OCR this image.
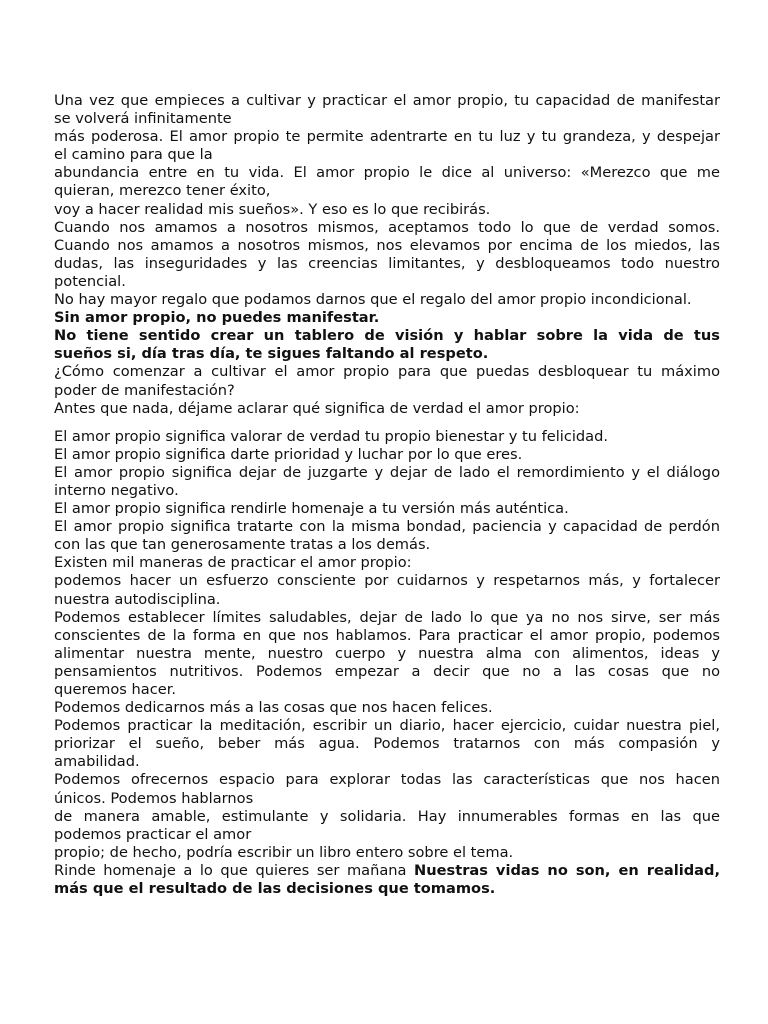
Una vez que empieces a cultivar y practicar el amor propio, tu capacidad de manifestar
se volverá infinitamente
más poderosa. El amor propio te permite adentrarte en tu luz y tu grandeza, y despejar
el camino para que la
abundancia entre en tu vida. El amor propio le dice al universo: «Merezco que me
quieran, merezco tener éxito,
voy a hacer realidad mis sueños». Y eso es lo que recibirás.
Cuando nos amamos a nosotros mismos, aceptamos todo lo que de verdad somos.
Cuando nos amamos a nosotros mismos, nos elevamos por encima de los miedos, las
dudas, las inseguridades y las creencias limitantes, y desbloqueamos todo nuestro
potencial.
No hay mayor regalo que podamos darnos que el regalo del amor propio incondicional.
Sin amor propio, no puedes manifestar.
No tiene sentido crear un tablero de visión y hablar sobre la vida de tus
sueños si, día tras día, te sigues faltando al respeto.
¿Cómo comenzar a cultivar el amor propio para que puedas desbloquear tu máximo
poder de manifestación?
Antes que nada, déjame aclarar qué significa de verdad el amor propio:
El amor propio significa valorar de verdad tu propio bienestar y tu felicidad.
El amor propio significa darte prioridad y luchar por lo que eres.
El amor propio significa dejar de juzgarte y dejar de lado el remordimiento y el diálogo
interno negativo.
El amor propio significa rendirle homenaje a tu versión más auténtica.
El amor propio significa tratarte con la misma bondad, paciencia y capacidad de perdón
con las que tan generosamente tratas a los demás.
Existen mil maneras de practicar el amor propio:
podemos hacer un esfuerzo consciente por cuidarnos y respetarnos más, y fortalecer
nuestra autodisciplina.
Podemos establecer límites saludables, dejar de lado lo que ya no nos sirve, ser más
conscientes de la forma en que nos hablamos. Para practicar el amor propio, podemos
alimentar nuestra mente, nuestro cuerpo y nuestra alma con alimentos, ideas y
pensamientos nutritivos. Podemos empezar a decir que no a las cosas que no
queremos hacer.
Podemos dedicarnos más a las cosas que nos hacen felices.
Podemos practicar la meditación, escribir un diario, hacer ejercicio, cuidar nuestra piel,
priorizar el sueño, beber más agua. Podemos tratarnos con más compasión y
amabilidad.
Podemos ofrecernos espacio para explorar todas las características que nos hacen
únicos. Podemos hablarnos
de manera amable, estimulante y solidaria. Hay innumerables formas en las que
podemos practicar el amor
propio; de hecho, podría escribir un libro entero sobre el tema.
Rinde homenaje a lo que quieres ser mañana Nuestras vidas no son, en realidad,
más que el resultado de las decisiones que tomamos.
